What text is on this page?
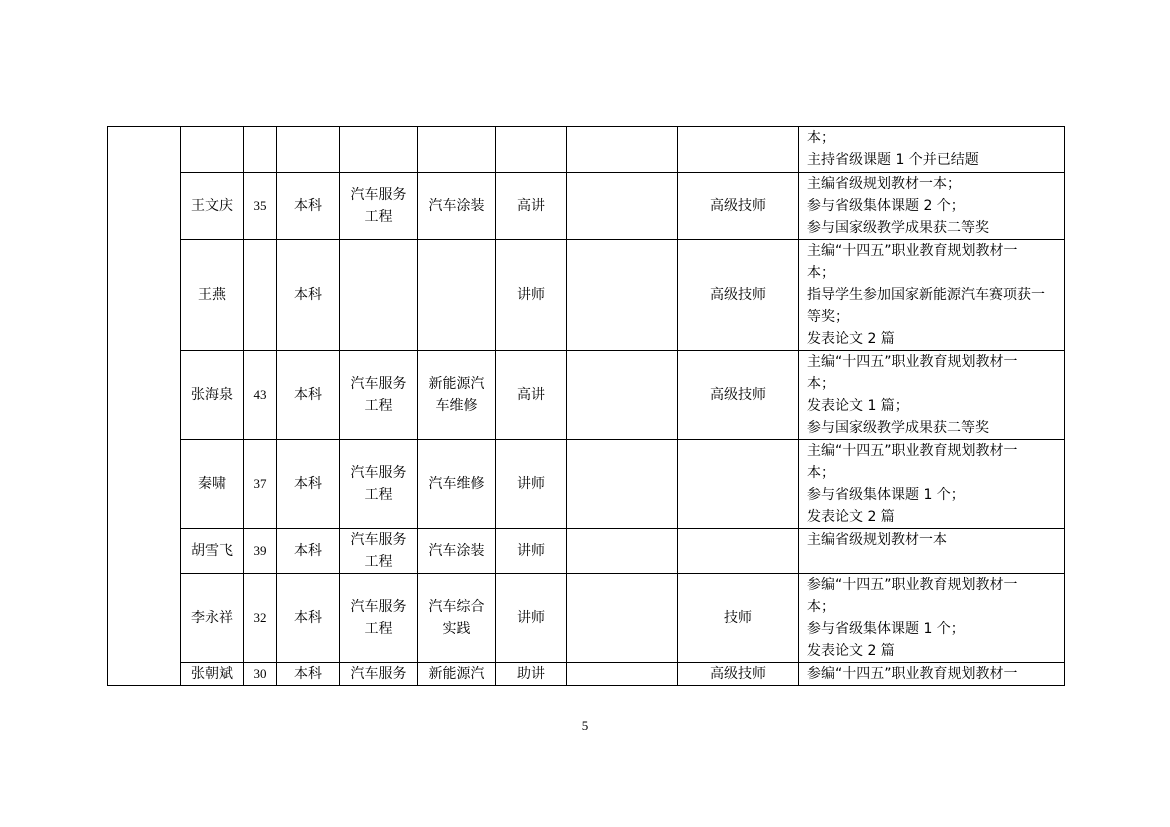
									本；
主持省级课题 1 个并已结题

	王文庆	35	本科	汽车服务
工程	汽车涂装	高讲		高级技师	主编省级规划教材一本；
参与省级集体课题 2 个；
参与国家级教学成果获二等奖

	王燕		本科			讲师		高级技师	主编“十四五”职业教育规划教材一
本；
指导学生参加国家新能源汽车赛项获一
等奖；
发表论文 2 篇

	张海泉	43	本科	汽车服务
工程	新能源汽
车维修	高讲		高级技师	主编“十四五”职业教育规划教材一
本；
发表论文 1 篇；
参与国家级教学成果获二等奖

	秦啸	37	本科	汽车服务
工程	汽车维修	讲师			主编“十四五”职业教育规划教材一
本；
参与省级集体课题 1 个；
发表论文 2 篇

	胡雪飞	39	本科	汽车服务
工程	汽车涂装	讲师			主编省级规划教材一本

	李永祥	32	本科	汽车服务
工程	汽车综合
实践	讲师		技师	参编“十四五”职业教育规划教材一
本；
参与省级集体课题 1 个；
发表论文 2 篇

	张朝斌	30	本科	汽车服务	新能源汽	助讲		高级技师	参编“十四五”职业教育规划教材一
5
